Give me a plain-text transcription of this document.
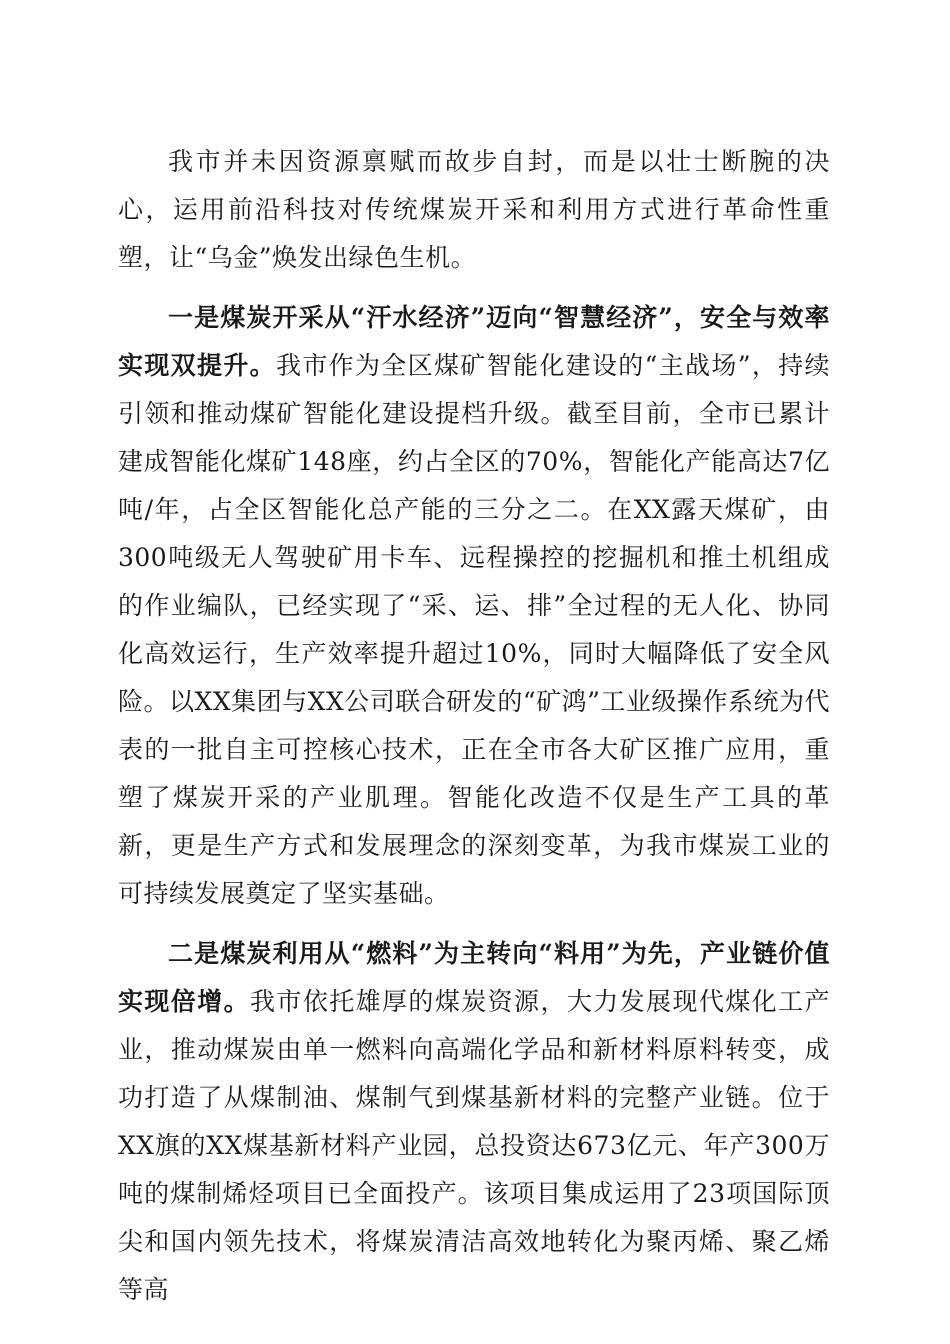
我市并未因资源禀赋而故步自封，而是以壮士断腕的决心，运用前沿科技对传统煤炭开采和利用方式进行革命性重塑，让“乌金”焕发出绿色生机。

一是煤炭开采从“汗水经济”迈向“智慧经济”，安全与效率实现双提升。我市作为全区煤矿智能化建设的“主战场”，持续引领和推动煤矿智能化建设提档升级。截至目前，全市已累计建成智能化煤矿148座，约占全区的70%，智能化产能高达7亿吨/年，占全区智能化总产能的三分之二。在XX露天煤矿，由300吨级无人驾驶矿用卡车、远程操控的挖掘机和推土机组成的作业编队，已经实现了“采、运、排”全过程的无人化、协同化高效运行，生产效率提升超过10%，同时大幅降低了安全风险。以XX集团与XX公司联合研发的“矿鸿”工业级操作系统为代表的一批自主可控核心技术，正在全市各大矿区推广应用，重塑了煤炭开采的产业肌理。智能化改造不仅是生产工具的革新，更是生产方式和发展理念的深刻变革，为我市煤炭工业的可持续发展奠定了坚实基础。

二是煤炭利用从“燃料”为主转向“料用”为先，产业链价值实现倍增。我市依托雄厚的煤炭资源，大力发展现代煤化工产业，推动煤炭由单一燃料向高端化学品和新材料原料转变，成功打造了从煤制油、煤制气到煤基新材料的完整产业链。位于XX旗的XX煤基新材料产业园，总投资达673亿元、年产300万吨的煤制烯烃项目已全面投产。该项目集成运用了23项国际顶尖和国内领先技术，将煤炭清洁高效地转化为聚丙烯、聚乙烯等高
